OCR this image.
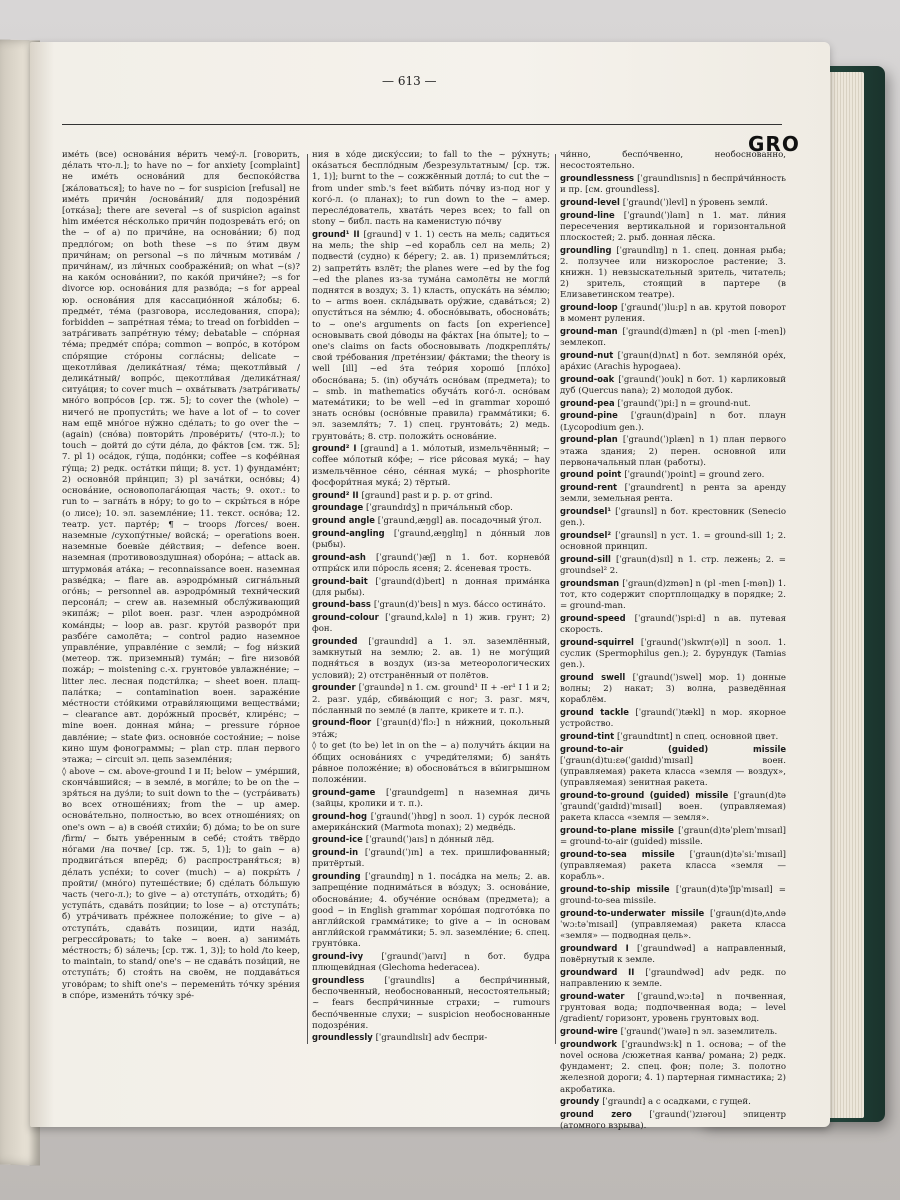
— 613 —
GRO

имéть (все) основáния вéрить чемý-л. [говорить, дéлать что-л.]; to have no ~ for anxiety [complaint] не имéть основáний для беспокóйства [жáловаться]; to have no ~ for suspicion [refusal] не имéть причи́н /основáний/ для подозрéний [откáза]; there are several ~s of suspicion against him имéется нéсколько причи́н подозревáть егó; on the ~ of a) по причи́не, на основáнии; б) под предлóгом; on both these ~s по э́тим двум причи́нам; on personal ~s по ли́чным мотивáм /причи́нам/, из ли́чных соображéний; on what ~(s)? на какóм основáнии?, по какóй причи́не?; ~s for divorce юр. основáния для развóда; ~s for appeal юр. основáния для кассациóнной жáлобы; 6. предмéт, тéма (разговора, исследования, спора); forbidden ~ запрéтная тéма; to tread on forbidden ~ затрáгивать запрéтную тéму; debatable ~ спóрная тéма; предмéт спóра; common ~ вопрóс, в котóром спóрящие стóроны соглáсны; delicate ~ щекотли́вая /делика́тная/ тéма; щекотли́вый /делика́тный/ вопрóс, щекотли́вая /делика́тная/ ситуа́ция; to cover much ~ охвáтывать /затрáгивать/ мнóго вопрóсов [ср. тж. 5]; to cover the (whole) ~ ничегó не пропусти́ть; we have a lot of ~ to cover нам ещё мнóгое нýжно сдéлать; to go over the ~ (again) (снóва) повтори́ть /провéрить/ (что-л.); to touch ~ дойти́ до сýти дéла, до фáктов [см. тж. 5]; 7. pl 1) осáдок, гýща, подóнки; coffee ~s кофéйная гýща; 2) редк. остáтки пи́щи; 8. уст. 1) фундамéнт; 2) основнóй при́нцип; 3) pl зачáтки, осно́вы; 4) основáние, основополагáющая часть; 9. охот.: to run to ~ загнáть в нóру; to go to ~ скры́ться в нóре (о лисе); 10. эл. заземлéние; 11. текст. оснóва; 12. театр. уст. партéр; ¶ ~ troops /forces/ воен. наземные /сухопу́тные/ войскá; ~ operations воен. наземные боевы́е дéйствия; ~ defence воен. наземная (противовоздушная) оборóна; ~ attack ав. штурмовáя атáка; ~ reconnaissance воен. наземная развéдка; ~ flare ав. аэродрóмный сигнáльный огóнь; ~ personnel ав. аэродрóмный техни́ческий персонáл; ~ crew ав. наземный обслýживающий экипáж; ~ pilot воен. разг. член аэродрóмной комáнды; ~ loop ав. разг. крутóй разворóт при разбéге самолёта; ~ control радио наземное управлéние, управлéние с земли́; ~ fog ни́зкий (метеор. тж. приземный) тумáн; ~ fire низовóй пожáр; ~ moistening с.-х. грунтовóе увлажнéние; ~ litter лес. лесная подсти́лка; ~ sheet воен. плащ-палáтка; ~ contamination воен. заражéние мéстности стóйкими отрави́ляющими веществáми; ~ clearance авт. дорóжный просвéт, клирéнс; ~ mine воен. донная ми́на; ~ pressure гóрное давлéние; ~ state физ. основнóе состоя́ние; ~ noise кино шум фонограммы; ~ plan стр. план первого этажа; ~ circuit эл. цепь заземлéния;

◊ above ~ см. above-ground I и II; below ~ умéрший, скончáвшийся; ~ в земле́, в моги́ле; to be on the ~ зря́ться на дуэ́ли; to suit down to the ~ (устрáивать) во всех отношéниях; from the ~ up амер. основáтельно, полностью, во всех отношéниях; on one's own ~ а) в своéй стихи́и; б) дóма; to be on sure /firm/ ~ быть уве́ренным в себé; стоя́ть твёрдо нóгами /на почве/ [ср. тж. 5, 1)]; to gain ~ a) продвигáться вперёд; б) распространя́ться; в) дéлать успéхи; to cover (much) ~ a) покры́ть /пройти/ (мнóго) путешéствие; б) сдéлать бóльшую часть (чего-л.); to give ~ a) отступáть, отходи́ть; б) уступáть, сдавáть пози́ции; to lose ~ a) отступáть; б) утрáчивать прéжнее положéние; to give ~ a) отступáть, сдавáть позиции, идти назáд, регресси́ровать; to take ~ воен. a) занимáть мéстность; б) зáлечь; [ср. тж. 1, 3)]; to hold /to keep, to maintain, to stand/ one's ~ не сдавáть пози́ций, не отступáть; б) стоя́ть на своём, не поддавáться угово́рам; to shift one's ~ перемени́ть тóчку зрéния в спóре, измени́ть тóчку зрé-

ния в хóде диску́ссии; to fall to the ~ рýхнуть; окáзаться беспло́дным /безрезультатным/ [ср. тж. 1, 1)]; burnt to the ~ сожжённый дотлá; to cut the ~ from under smb.'s feet вы́бить пóчву из-под ног у когó-л. (о планах); to run down to the ~ амер. пересле́дователь, хватáть через всех; to fall on stony ~ библ. пасть на каменистую пóчву

ground¹ II [graund] v 1. 1) сесть на мель; садиться на мель; the ship ~ed корабль сел на мель; 2) подвести́ (судно) к бéрегу; 2. ав. 1) приземли́ться; 2) запрети́ть взлёт; the planes were ~ed by the fog ~ed the planes из-за тумáна самолёты не могли́ поднятся в воздух; 3. 1) класть, опускáть на зéмлю; to ~ arms воен. склáдывать орýжие, сдавáться; 2) опусти́ться на зéмлю; 4. обоснóвывать, обосновáть; to ~ one's arguments on facts [on experience] основывать свои́ дóводы на фáктах [на óпыте]; to ~ one's claims on facts обосновывать /подкрепля́ть/ свои́ трéбования /претéнзии/ фáктами; the theory is well [ill] ~ed э́та теóрия хорошó [плóхо] обоснóвана; 5. (in) обучáть оснóвам (предмета); to ~ smb. in mathematics обучáть когó-л. оснóвам матемáтики; to be well ~ed in grammar хорошó знать оснóвы (оснóвные правила) граммáтики; 6. эл. заземля́ть; 7. 1) спец. грунтовáть; 2) медь. грунтовáть; 8. стр. положи́ть основáние.

ground² I [graund] a 1. мóлотый, измельчённый; ~ coffee мóлотый кóфе; ~ rice ри́совая мукá; ~ hay измельчённое сéно, сéнная мукá; ~ phosphorite фосфори́тная мукá; 2) тёртый.

ground² II [graund] past и p. p. от grind.

groundage [ˈgraundɪdʒ] n прича́льный сбор.

ground angle [ˈgraund,æŋgl] ав. посадочный ýгол.

ground-angling [ˈgraund,æŋglɪŋ] n до́нный лов (рыбы).

ground-ash [ˈgraund(ˈ)æʃ] n 1. бот. корнево́й отпры́ск или пóросль ясеня; 2. я́сеневая трость.

ground-bait [ˈgraund(d)beɪt] n донная примáнка (для рыбы).

ground-bass [ˈgraun(d)ˈbeɪs] n муз. бáссо остинáто.

ground-colour [ˈgraund,kʌlə] n 1) жив. грунт; 2) фон.

grounded [ˈgraundɪd] a 1. эл. заземлённый, замкнутый на землю; 2. ав. 1) не могу́щий подня́ться в воздух (из-за метеорологических условий); 2) отстранённый от полётов.

grounder [ˈgraundə] n 1. см. ground¹ II + -er¹ I 1 и 2; 2. разг. удáр, сбива́ющий с ног; 3. разг. мяч, пóсланный по землé (в лапте, крикете и т. п.).

ground-floor [ˈgraun(d)ˈflɔ:] n ни́жний, цокольный этáж;

◊ to get (to be) let in on the ~ a) получи́ть áкции на óбщих основáниях с учреди́телями; б) заня́ть рáвное положéние; в) обосновáться в вы́игрышном положéнии.

ground-game [ˈgraundgeɪm] n наземная дичь (зайцы, кролики и т. п.).

ground-hog [ˈgraund(ˈ)hɒg] n зоол. 1) сурóк лесной америкáнский (Marmota monax); 2) медвéдь.

ground-ice [ˈgraund(ˈ)aɪs] n до́нный лёд.

ground-in [ˈgraund(ˈ)ɪn] a тех. пришлифованный; притёртый.

grounding [ˈgraundɪŋ] n 1. посáдка на мель; 2. ав. запрещéние поднима́ться в вóздух; 3. основáние, обосновáние; 4. обучéние оснóвам (предмета); a good ~ in English grammar хорóшая подготóвка по англи́йской граммáтике; to give a ~ in основам англи́йской граммáтики; 5. эл. заземлéние; 6. спец. грунтóвка.

ground-ivy [ˈgraund(ˈ)aɪvɪ] n бот. будра плющеви́дная (Glechoma hederacea).

groundless [ˈgraundlɪs] a беспри́чинный, беспочвенный, необоснованный, несостоятельный; ~ fears беспри́чинные страхи; ~ rumours беспо́чвенные слухи; ~ suspicion необоснованные подозрéния.

groundlessly [ˈgraundlɪslɪ] adv беспри-

чи́нно, беспо́чвенно, необоснованно, несостоятельно.

groundlessness [ˈgraundlɪsnɪs] n беспри́чи́нность и пр. [см. groundless].

ground-level [ˈgraund(ˈ)levl] n у́ровень земли́.

ground-line [ˈgraund(ˈ)laɪn] n 1. мат. ли́ния пересечения вертикальной и горизонтальной плоскостей; 2. рыб. донная лёска.

groundling [ˈgraundlɪŋ] n 1. спец. донная рыба; 2. ползучее или низкорослое растение; 3. книжн. 1) невзыскательный зритель, читатель; 2) зритель, стоящий в партере (в Елизаветинском театре).

ground-loop [ˈgraund(ˈ)lu:p] n ав. крутой поворот в момент руления.

ground-man [ˈgraund(d)mæn] n (pl -men [-men]) землекоп.

ground-nut [ˈgraun(d)nʌt] n бот. земляно́й орéх, ара́хис (Arachis hypogaea).

ground-oak [ˈgraund(ˈ)ouk] n бот. 1) карликовый дуб (Quercus nana); 2) молодой дубок.

ground-pea [ˈgraund(ˈ)pi:] n = ground-nut.

ground-pine [ˈgraun(d)pain] n бот. плаун (Lycopodium gen.).

ground-plan [ˈgraund(ˈ)plæn] n 1) план первого этажа здания; 2) перен. основной или первоначальный план (работы).

ground point [ˈgraund(ˈ)point] = ground zero.

ground-rent [ˈgraundrent] n рента за аренду земли, земельная рента.

groundsel¹ [ˈgraunsl] n бот. крестовник (Senecio gen.).

groundsel² [ˈgraunsl] n уст. 1. = ground-sill 1; 2. основной принцип.

ground-sill [ˈgraun(d)sɪl] n 1. стр. лежень; 2. = groundsel² 2.

groundsman [ˈgraun(d)zmən] n (pl -men [-mən]) 1. тот, кто содержит спортплощадку в порядке; 2. = ground-man.

ground-speed [ˈgraund(ˈ)spi:d] n ав. путевая скорость.

ground-squirrel [ˈgraund(ˈ)skwɪr(ə)l] n зоол. 1. суслик (Spermophilus gen.); 2. бурундук (Tamias gen.).

ground swell [ˈgraund(ˈ)swel] мор. 1) донные волны; 2) накат; 3) волна, разведённая кораблём.

ground tackle [ˈgraund(ˈ)tækl] n мор. якорное устройство.

ground-tint [ˈgraundtɪnt] n спец. основной цвет.

ground-to-air (guided) missile [ˈgraun(d)tu:ɛə(ˈgaɪdɪd)ˈmɪsaɪl] воен. (управляемая) ракета класса «земля — воздух», (управляемая) зенитная ракета.

ground-to-ground (guided) missile [ˈgraun(d)təˈgraund(ˈgaɪdɪd)ˈmɪsaɪl] воен. (управляемая) ракета класса «земля — земля».

ground-to-plane missile [ˈgraun(d)təˈpleɪnˈmɪsaɪl] = ground-to-air (guided) missile.

ground-to-sea missile [ˈgraun(d)təˈsi:ˈmɪsaɪl] (управляемая) ракета класса «земля — корабль».

ground-to-ship missile [ˈgraun(d)təˈʃɪpˈmɪsaɪl] = ground-to-sea missile.

ground-to-underwater missile [ˈgraun(d)tə,ʌndəˈwɔ:təˈmɪsaɪl] (управляемая) ракета класса «земля» — подводная цель».

groundward I [ˈgraundwəd] a направленный, повёрнутый к земле.

groundward II [ˈgraundwəd] adv редк. по направлению к земле.

ground-water [ˈgraund,wɔ:tə] n почвенная, грунтовая вода; подпочвенная вода; ~ level /gradient/ горизонт, уровень грунтовых вод.

ground-wire [ˈgraund(ˈ)waɪə] n эл. заземлитель.

groundwork [ˈgraundwɜ:k] n 1. основа; ~ of the novel основа /сюжетная канва/ романа; 2) редк. фундамент; 2. спец. фон; поле; 3. полотно железной дороги; 4. 1) партерная гимнастика; 2) акробатика.

groundy [ˈgraundɪ] a с осадками, с гущей.

ground zero [ˈgraund(ˈ)zɪərou] эпицентр (атомного взрыва).
